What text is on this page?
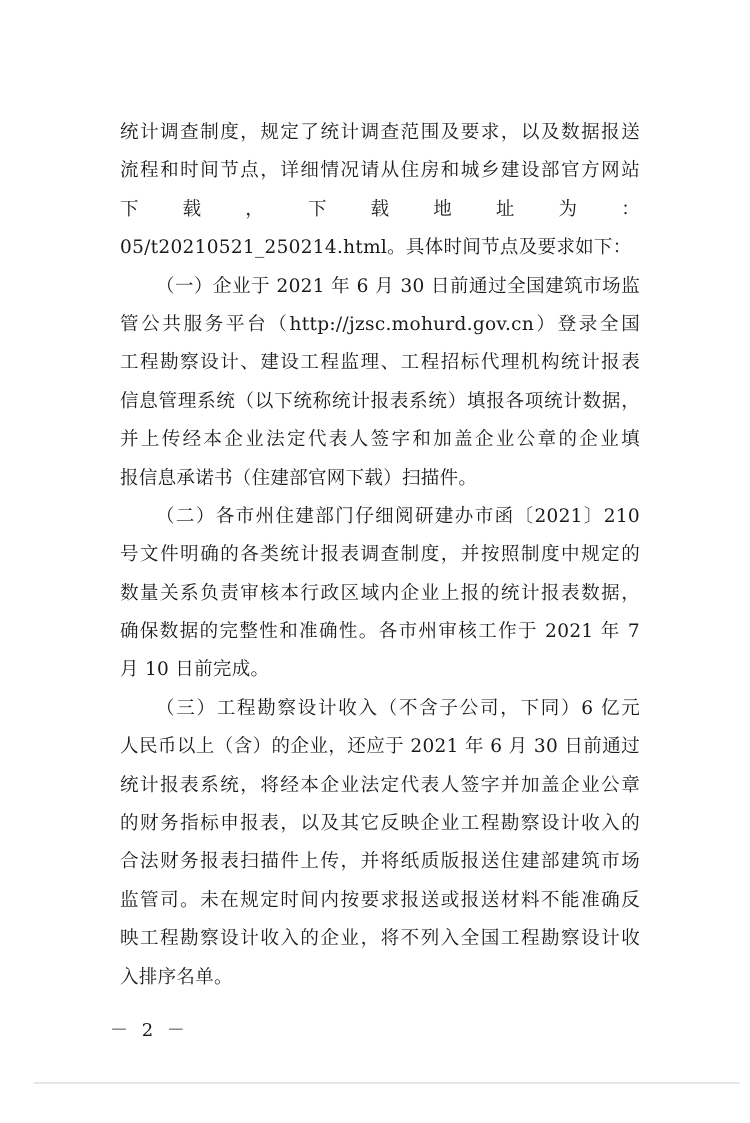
统计调查制度，规定了统计调查范围及要求，以及数据报送
流程和时间节点，详细情况请从住房和城乡建设部官方网站
下载，下载地址为：
05/t20210521_250214.html。具体时间节点及要求如下：
（一）企业于 2021 年 6 月 30 日前通过全国建筑市场监
管公共服务平台（http://jzsc.mohurd.gov.cn）登录全国
工程勘察设计、建设工程监理、工程招标代理机构统计报表
信息管理系统（以下统称统计报表系统）填报各项统计数据，
并上传经本企业法定代表人签字和加盖企业公章的企业填
报信息承诺书（住建部官网下载）扫描件。
（二）各市州住建部门仔细阅研建办市函〔2021〕210
号文件明确的各类统计报表调查制度，并按照制度中规定的
数量关系负责审核本行政区域内企业上报的统计报表数据，
确保数据的完整性和准确性。各市州审核工作于 2021 年 7
月 10 日前完成。
（三）工程勘察设计收入（不含子公司，下同）6 亿元
人民币以上（含）的企业，还应于 2021 年 6 月 30 日前通过
统计报表系统，将经本企业法定代表人签字并加盖企业公章
的财务指标申报表，以及其它反映企业工程勘察设计收入的
合法财务报表扫描件上传，并将纸质版报送住建部建筑市场
监管司。未在规定时间内按要求报送或报送材料不能准确反
映工程勘察设计收入的企业，将不列入全国工程勘察设计收
入排序名单。
－ 2 －
